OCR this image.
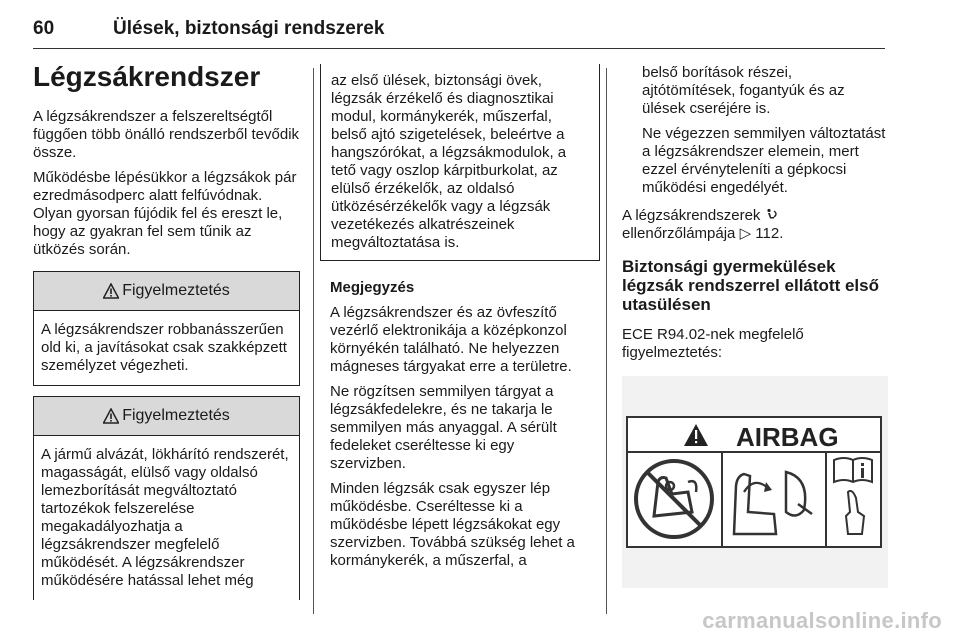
60	Ülések, biztonsági rendszerek
Légzsákrendszer

A légzsákrendszer a felszereltségtől függően több önálló rendszerből tevődik össze.

Működésbe lépésükkor a légzsákok pár ezredmásodperc alatt felfúvódnak. Olyan gyorsan fújódik fel és ereszt le, hogy az gyakran fel sem tűnik az ütközés során.

Figyelmeztetés
A légzsákrendszer robbanásszerűen old ki, a javításokat csak szakképzett személyzet végezheti.
Figyelmeztetés
A jármű alvázát, lökhárító rendszerét, magasságát, elülső vagy oldalsó lemezborítását megváltoztató tartozékok felszerelése megakadályozhatja a légzsákrendszer megfelelő működését. A légzsákrendszer működésére hatással lehet még
az első ülések, biztonsági övek, légzsák érzékelő és diagnosztikai modul, kormánykerék, műszerfal, belső ajtó szigetelések, beleértve a hangszórókat, a légzsákmodulok, a tető vagy oszlop kárpitburkolat, az elülső érzékelők, az oldalsó ütközésérzékelők vagy a légzsák vezetékezés alkatrészeinek megváltoztatása is.

Megjegyzés

A légzsákrendszer és az övfeszítő vezérlő elektronikája a középkonzol környékén található. Ne helyezzen mágneses tárgyakat erre a területre.

Ne rögzítsen semmilyen tárgyat a légzsákfedelekre, és ne takarja le semmilyen más anyaggal. A sérült fedeleket cseréltesse ki egy szervizben.

Minden légzsák csak egyszer lép működésbe. Cseréltesse ki a működésbe lépett légzsákokat egy szervizben. Továbbá szükség lehet a kormánykerék, a műszerfal, a

belső borítások részei, ajtótömítések, fogantyúk és az ülések cseréjére is.

Ne végezzen semmilyen változtatást a légzsákrendszer elemein, mert ezzel érvényteleníti a gépkocsi működési engedélyét.

A légzsákrendszerek
ellenőrzőlámpája ▷ 112.

Biztonsági gyermekülések légzsák rendszerrel ellátott első utasülésen

ECE R94.02-nek megfelelő figyelmeztetés:

AIRBAG
carmanualsonline.info
